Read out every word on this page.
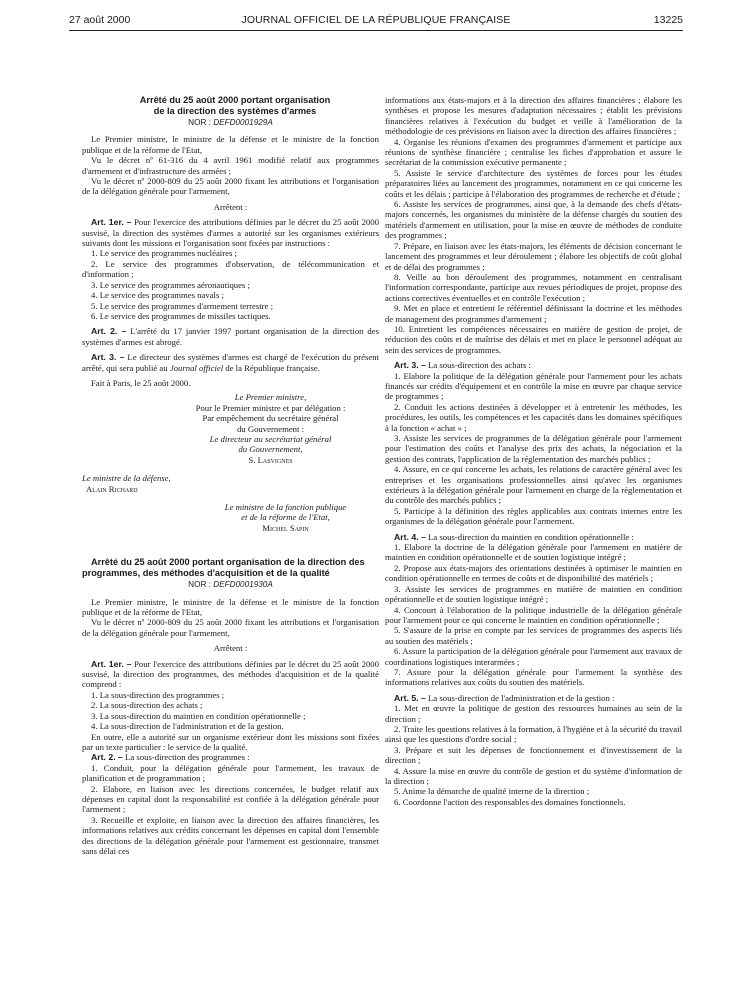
27 août 2000	JOURNAL OFFICIEL DE LA RÉPUBLIQUE FRANÇAISE	13225

Arrêté du 25 août 2000 portant organisation

de la direction des systèmes d'armes

NOR : DEFD0001929A

Le Premier ministre, le ministre de la défense et le ministre de la fonction publique et de la réforme de l'Etat,

Vu le décret nº 61-316 du 4 avril 1961 modifié relatif aux programmes d'armement et d'infrastructure des armées ;

Vu le décret nº 2000-809 du 25 août 2000 fixant les attributions et l'organisation de la délégation générale pour l'armement,

Arrêtent :

Art. 1er. – Pour l'exercice des attributions définies par le décret du 25 août 2000 susvisé, la direction des systèmes d'armes a autorité sur les organismes extérieurs suivants dont les missions et l'organisation sont fixées par instructions :

1. Le service des programmes nucléaires ;

2. Le service des programmes d'observation, de télécommunication et d'information ;

3. Le service des programmes aéronautiques ;

4. Le service des programmes navals ;

5. Le service des programmes d'armement terrestre ;

6. Le service des programmes de missiles tactiques.

Art. 2. – L'arrêté du 17 janvier 1997 portant organisation de la direction des systèmes d'armes est abrogé.

Art. 3. – Le directeur des systèmes d'armes est chargé de l'exécution du présent arrêté, qui sera publié au Journal officiel de la République française.

Fait à Paris, le 25 août 2000.

Le Premier ministre,
Pour le Premier ministre et par délégation :
Par empêchement du secrétaire général
du Gouvernement :
Le directeur au secrétariat général
du Gouvernement,
S. Lasvignes
Le ministre de la défense,
Alain Richard
Le ministre de la fonction publique
et de la réforme de l'Etat,
Michel Sapin

Arrêté du 25 août 2000 portant organisation de la direction des programmes, des méthodes d'acquisition et de la qualité

NOR : DEFD0001930A

Le Premier ministre, le ministre de la défense et le ministre de la fonction publique et de la réforme de l'Etat,

Vu le décret nº 2000-809 du 25 août 2000 fixant les attributions et l'organisation de la délégation générale pour l'armement,

Arrêtent :

Art. 1er. – Pour l'exercice des attributions définies par le décret du 25 août 2000 susvisé, la direction des programmes, des méthodes d'acquisition et de la qualité comprend :

1. La sous-direction des programmes ;

2. La sous-direction des achats ;

3. La sous-direction du maintien en condition opérationnelle ;

4. La sous-direction de l'administration et de la gestion.

En outre, elle a autorité sur un organisme extérieur dont les missions sont fixées par un texte particulier : le service de la qualité.

Art. 2. – La sous-direction des programmes :

1. Conduit, pour la délégation générale pour l'armement, les travaux de planification et de programmation ;

2. Elabore, en liaison avec les directions concernées, le budget relatif aux dépenses en capital dont la responsabilité est confiée à la délégation générale pour l'armement ;

3. Recueille et exploite, en liaison avec la direction des affaires financières, les informations relatives aux crédits concernant les dépenses en capital dont l'ensemble des directions de la délégation générale pour l'armement est gestionnaire, transmet sans délai ces

informations aux états-majors et à la direction des affaires financières ; élabore les synthèses et propose les mesures d'adaptation nécessaires ; établit les prévisions financières relatives à l'exécution du budget et veille à l'amélioration de la méthodologie de ces prévisions en liaison avec la direction des affaires financières ;

4. Organise les réunions d'examen des programmes d'armement et participe aux réunions de synthèse financière ; centralise les fiches d'approbation et assure le secrétariat de la commission exécutive permanente ;

5. Assiste le service d'architecture des systèmes de forces pour les études préparatoires liées au lancement des programmes, notamment en ce qui concerne les coûts et les délais ; participe à l'élaboration des programmes de recherche et d'étude ;

6. Assiste les services de programmes, ainsi que, à la demande des chefs d'états-majors concernés, les organismes du ministère de la défense chargés du soutien des matériels d'armement en utilisation, pour la mise en œuvre de méthodes de conduite des programmes ;

7. Prépare, en liaison avec les états-majors, les éléments de décision concernant le lancement des programmes et leur déroulement ; élabore les objectifs de coût global et de délai des programmes ;

8. Veille au bon déroulement des programmes, notamment en centralisant l'information correspondante, participe aux revues périodiques de projet, propose des actions correctives éventuelles et en contrôle l'exécution ;

9. Met en place et entretient le référentiel définissant la doctrine et les méthodes de management des programmes d'armement ;

10. Entretient les compétences nécessaires en matière de gestion de projet, de réduction des coûts et de maîtrise des délais et met en place le personnel adéquat au sein des services de programmes.

Art. 3. – La sous-direction des achats :

1. Elabore la politique de la délégation générale pour l'armement pour les achats financés sur crédits d'équipement et en contrôle la mise en œuvre par chaque service de programmes ;

2. Conduit les actions destinées à développer et à entretenir les méthodes, les procédures, les outils, les compétences et les capacités dans les domaines spécifiques à la fonction « achat » ;

3. Assiste les services de programmes de la délégation générale pour l'armement pour l'estimation des coûts et l'analyse des prix des achats, la négociation et la gestion des contrats, l'application de la réglementation des marchés publics ;

4. Assure, en ce qui concerne les achats, les relations de caractère général avec les entreprises et les organisations professionnelles ainsi qu'avec les organismes extérieurs à la délégation générale pour l'armement en charge de la réglementation et du contrôle des marchés publics ;

5. Participe à la définition des règles applicables aux contrats internes entre les organismes de la délégation générale pour l'armement.

Art. 4. – La sous-direction du maintien en condition opérationnelle :

1. Elabore la doctrine de la délégation générale pour l'armement en matière de maintien en condition opérationnelle et de soutien logistique intégré ;

2. Propose aux états-majors des orientations destinées à optimiser le maintien en condition opérationnelle en termes de coûts et de disponibilité des matériels ;

3. Assiste les services de programmes en matière de maintien en condition opérationnelle et de soutien logistique intégré ;

4. Concourt à l'élaboration de la politique industrielle de la délégation générale pour l'armement pour ce qui concerne le maintien en condition opérationnelle ;

5. S'assure de la prise en compte par les services de programmes des aspects liés au soutien des matériels ;

6. Assure la participation de la délégation générale pour l'armement aux travaux de coordinations logistiques interarmées ;

7. Assure pour la délégation générale pour l'armement la synthèse des informations relatives aux coûts du soutien des matériels.

Art. 5. – La sous-direction de l'administration et de la gestion :

1. Met en œuvre la politique de gestion des ressources humaines au sein de la direction ;

2. Traite les questions relatives à la formation, à l'hygiène et à la sécurité du travail ainsi que les questions d'ordre social ;

3. Prépare et suit les dépenses de fonctionnement et d'investissement de la direction ;

4. Assure la mise en œuvre du contrôle de gestion et du système d'information de la direction ;

5. Anime la démarche de qualité interne de la direction ;

6. Coordonne l'action des responsables des domaines fonctionnels.
